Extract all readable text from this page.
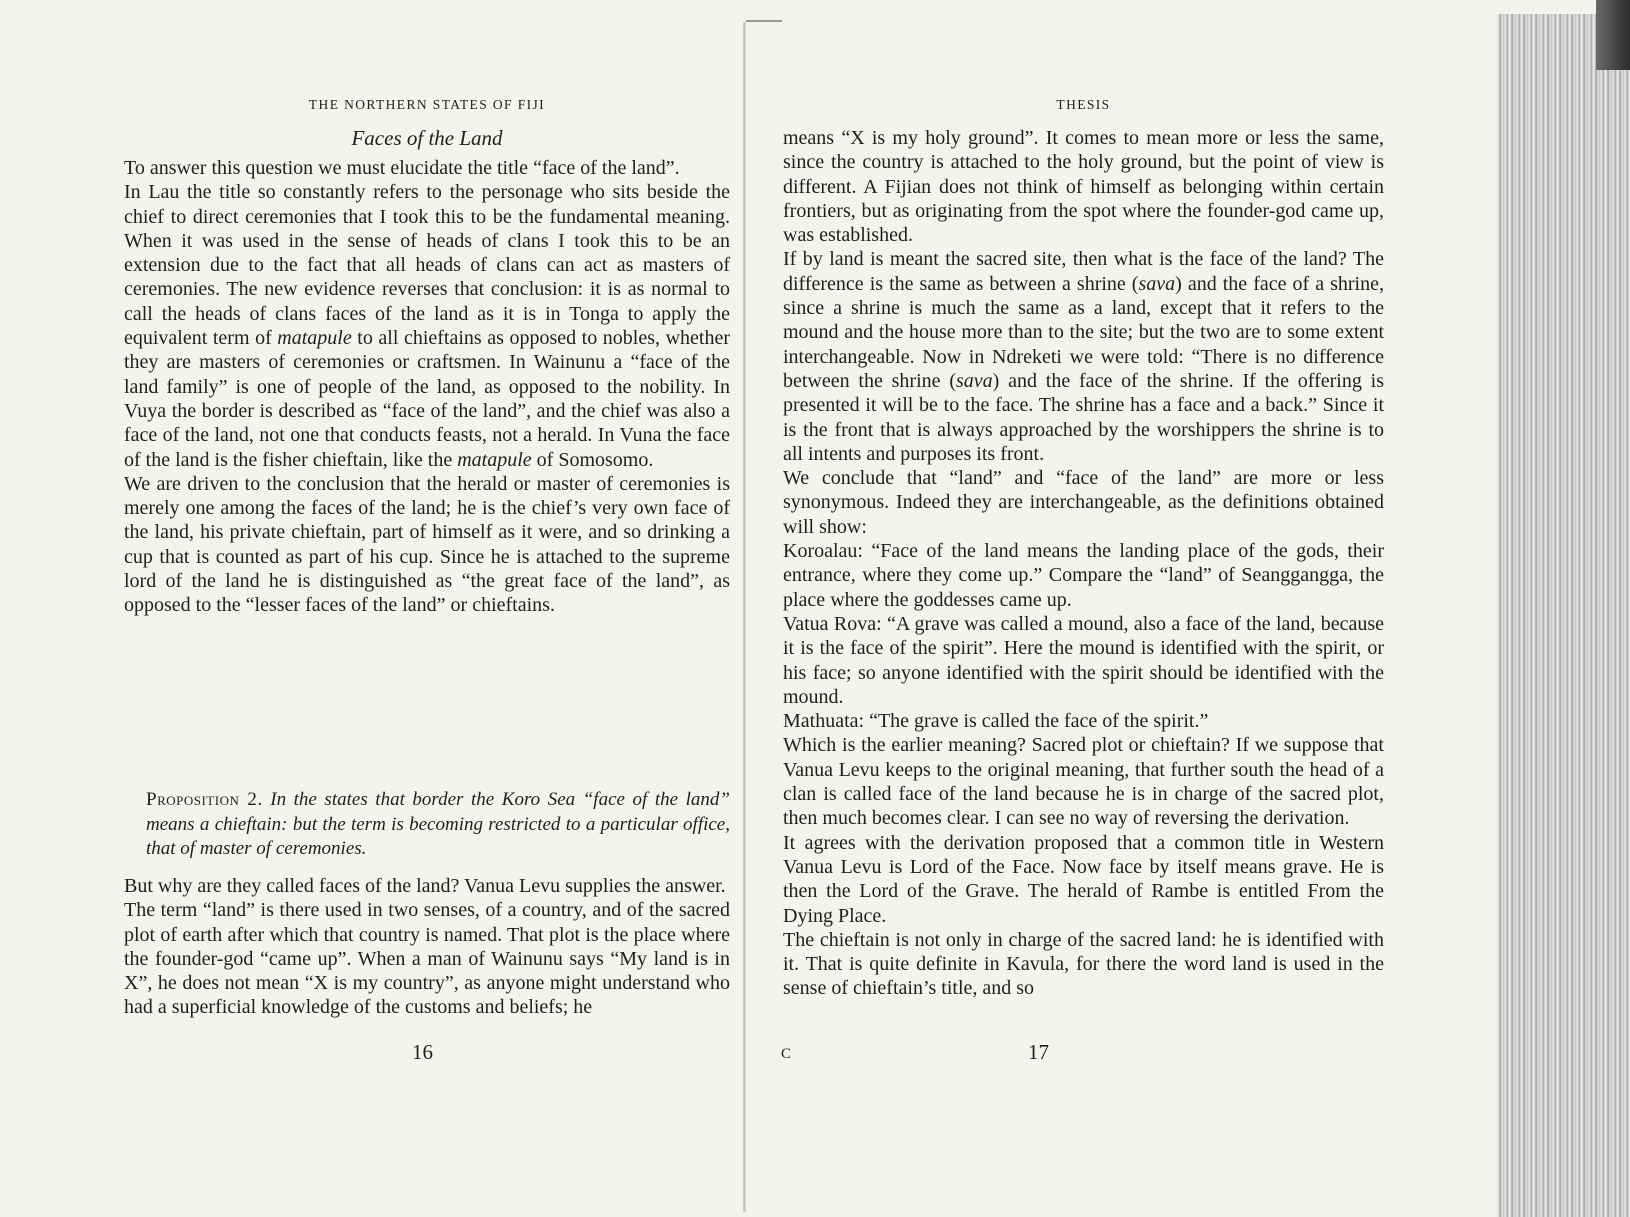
THE NORTHERN STATES OF FIJI
Faces of the Land

To answer this question we must elucidate the title “face of the land”.

In Lau the title so constantly refers to the personage who sits beside the chief to direct ceremonies that I took this to be the fundamental meaning. When it was used in the sense of heads of clans I took this to be an extension due to the fact that all heads of clans can act as masters of ceremonies. The new evidence reverses that conclusion: it is as normal to call the heads of clans faces of the land as it is in Tonga to apply the equivalent term of matapule to all chieftains as opposed to nobles, whether they are masters of ceremonies or craftsmen. In Wainunu a “face of the land family” is one of people of the land, as opposed to the nobility. In Vuya the border is described as “face of the land”, and the chief was also a face of the land, not one that conducts feasts, not a herald. In Vuna the face of the land is the fisher chieftain, like the matapule of Somosomo.

We are driven to the conclusion that the herald or master of ceremonies is merely one among the faces of the land; he is the chief’s very own face of the land, his private chieftain, part of himself as it were, and so drinking a cup that is counted as part of his cup. Since he is attached to the supreme lord of the land he is distinguished as “the great face of the land”, as opposed to the “lesser faces of the land” or chieftains.

Proposition 2. In the states that border the Koro Sea “face of the land” means a chieftain: but the term is becoming restricted to a particular office, that of master of ceremonies.

But why are they called faces of the land? Vanua Levu supplies the answer.

The term “land” is there used in two senses, of a country, and of the sacred plot of earth after which that country is named. That plot is the place where the founder-god “came up”. When a man of Wainunu says “My land is in X”, he does not mean “X is my country”, as anyone might understand who had a superficial knowledge of the customs and beliefs; he

16
THESIS

means “X is my holy ground”. It comes to mean more or less the same, since the country is attached to the holy ground, but the point of view is different. A Fijian does not think of himself as belonging within certain frontiers, but as originating from the spot where the founder-god came up, was established.

If by land is meant the sacred site, then what is the face of the land? The difference is the same as between a shrine (sava) and the face of a shrine, since a shrine is much the same as a land, except that it refers to the mound and the house more than to the site; but the two are to some extent interchangeable. Now in Ndreketi we were told: “There is no difference between the shrine (sava) and the face of the shrine. If the offering is presented it will be to the face. The shrine has a face and a back.” Since it is the front that is always approached by the worshippers the shrine is to all intents and purposes its front.

We conclude that “land” and “face of the land” are more or less synonymous. Indeed they are interchangeable, as the definitions obtained will show:

Koroalau: “Face of the land means the landing place of the gods, their entrance, where they come up.” Compare the “land” of Seanggangga, the place where the goddesses came up.

Vatua Rova: “A grave was called a mound, also a face of the land, because it is the face of the spirit”. Here the mound is identified with the spirit, or his face; so anyone identified with the spirit should be identified with the mound.

Mathuata: “The grave is called the face of the spirit.”

Which is the earlier meaning? Sacred plot or chieftain? If we suppose that Vanua Levu keeps to the original meaning, that further south the head of a clan is called face of the land because he is in charge of the sacred plot, then much becomes clear. I can see no way of reversing the derivation.

It agrees with the derivation proposed that a common title in Western Vanua Levu is Lord of the Face. Now face by itself means grave. He is then the Lord of the Grave. The herald of Rambe is entitled From the Dying Place.

The chieftain is not only in charge of the sacred land: he is identified with it. That is quite definite in Kavula, for there the word land is used in the sense of chieftain’s title, and so

C	17
